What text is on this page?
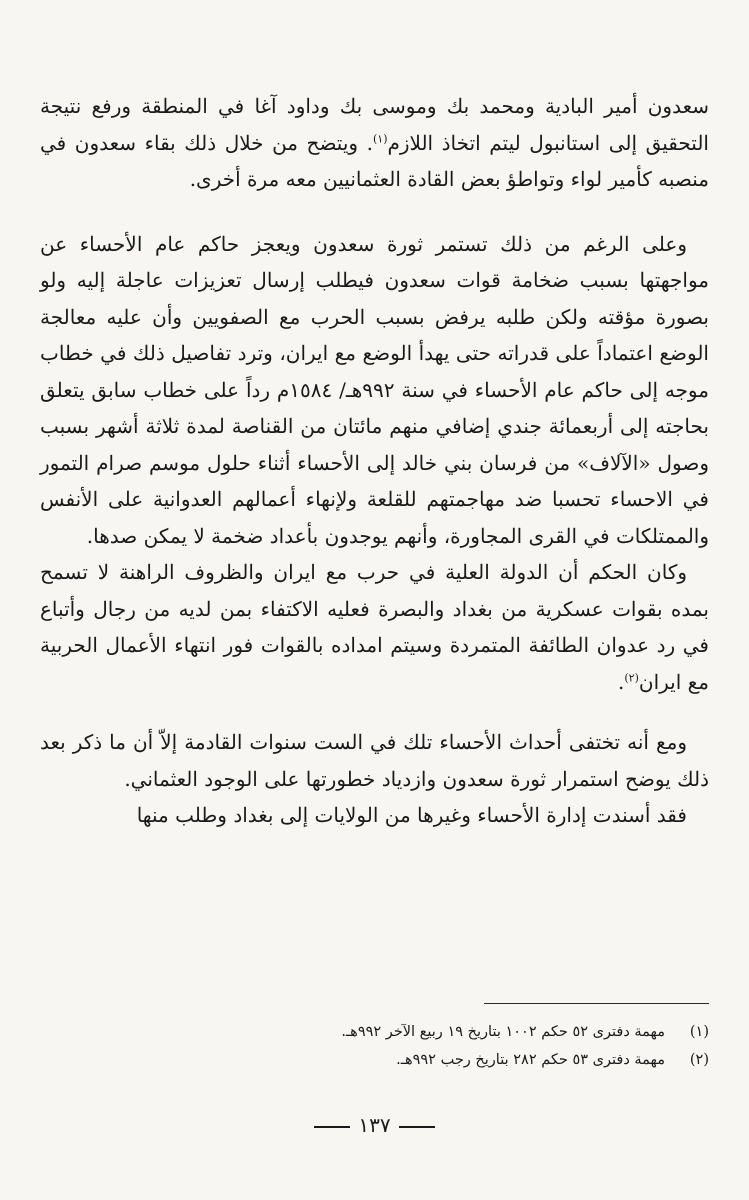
سعدون أمير البادية ومحمد بك وموسى بك وداود آغا في المنطقة ورفع نتيجة التحقيق إلى استانبول ليتم اتخاذ اللازم$^{(١)}$. ويتضح من خلال ذلك بقاء سعدون في منصبه كأمير لواء وتواطؤ بعض القادة العثمانيين معه مرة أخرى.

وعلى الرغم من ذلك تستمر ثورة سعدون ويعجز حاكم عام الأحساء عن مواجهتها بسبب ضخامة قوات سعدون فيطلب إرسال تعزيزات عاجلة إليه ولو بصورة مؤقته ولكن طلبه يرفض بسبب الحرب مع الصفويين وأن عليه معالجة الوضع اعتماداً على قدراته حتى يهدأ الوضع مع ايران، وترد تفاصيل ذلك في خطاب موجه إلى حاكم عام الأحساء في سنة ٩٩٢هـ/ ١٥٨٤م رداً على خطاب سابق يتعلق بحاجته إلى أربعمائة جندي إضافي منهم مائتان من القناصة لمدة ثلاثة أشهر بسبب وصول «الآلاف» من فرسان بني خالد إلى الأحساء أثناء حلول موسم صرام التمور في الاحساء تحسبا ضد مهاجمتهم للقلعة ولإنهاء أعمالهم العدوانية على الأنفس والممتلكات في القرى المجاورة، وأنهم يوجدون بأعداد ضخمة لا يمكن صدها.

وكان الحكم أن الدولة العلية في حرب مع ايران والظروف الراهنة لا تسمح بمده بقوات عسكرية من بغداد والبصرة فعليه الاكتفاء بمن لديه من رجال وأتباع في رد عدوان الطائفة المتمردة وسيتم امداده بالقوات فور انتهاء الأعمال الحربية مع ايران$^{(٢)}$.

ومع أنه تختفى أحداث الأحساء تلك في الست سنوات القادمة إلاّ أن ما ذكر بعد ذلك يوضح استمرار ثورة سعدون وازدياد خطورتها على الوجود العثماني.

فقد أسندت إدارة الأحساء وغيرها من الولايات إلى بغداد وطلب منها

(١)
مهمة دفترى ٥٢ حكم ١٠٠٢ بتاريخ ١٩ ربيع الآخر ٩٩٢هـ.
(٢)
مهمة دفترى ٥٣ حكم ٢٨٢ بتاريخ رجب ٩٩٢هـ.
١٣٧
